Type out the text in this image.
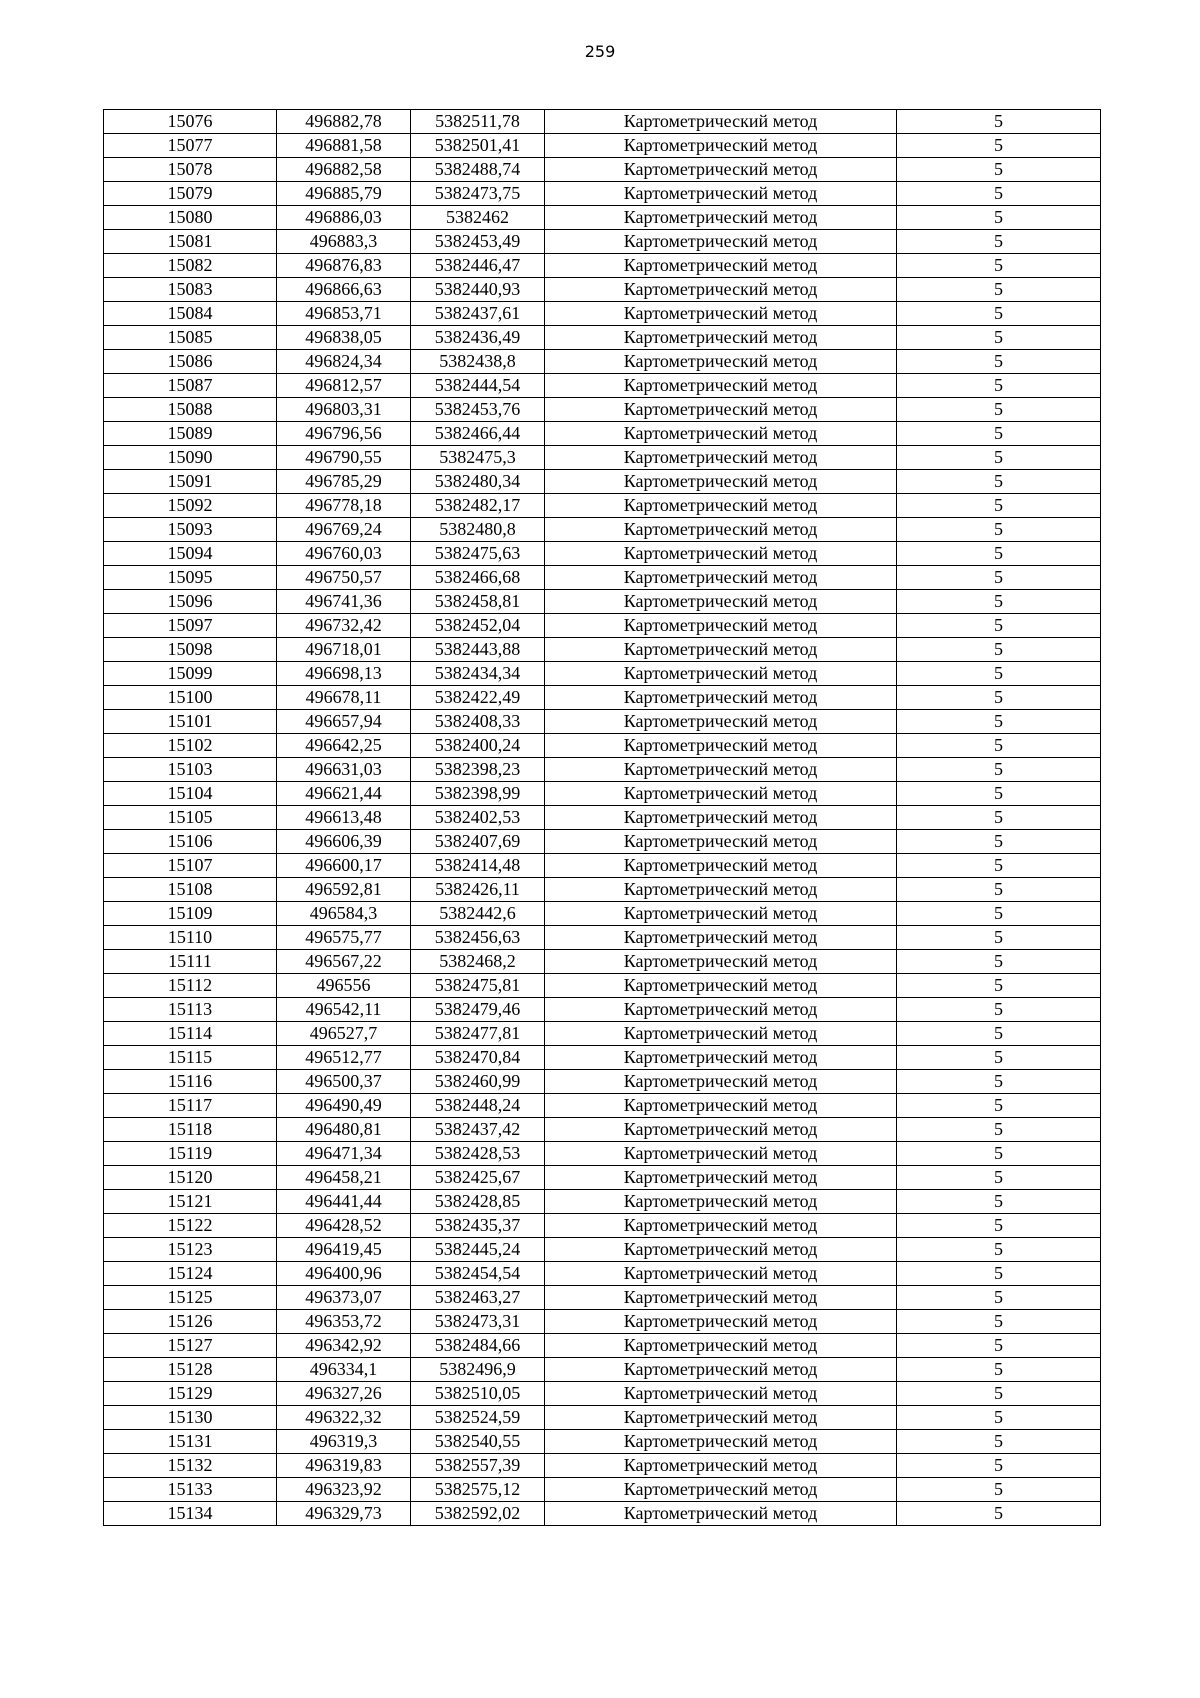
259
15076	496882,78	5382511,78	Картометрический метод	5
15077	496881,58	5382501,41	Картометрический метод	5
15078	496882,58	5382488,74	Картометрический метод	5
15079	496885,79	5382473,75	Картометрический метод	5
15080	496886,03	5382462	Картометрический метод	5
15081	496883,3	5382453,49	Картометрический метод	5
15082	496876,83	5382446,47	Картометрический метод	5
15083	496866,63	5382440,93	Картометрический метод	5
15084	496853,71	5382437,61	Картометрический метод	5
15085	496838,05	5382436,49	Картометрический метод	5
15086	496824,34	5382438,8	Картометрический метод	5
15087	496812,57	5382444,54	Картометрический метод	5
15088	496803,31	5382453,76	Картометрический метод	5
15089	496796,56	5382466,44	Картометрический метод	5
15090	496790,55	5382475,3	Картометрический метод	5
15091	496785,29	5382480,34	Картометрический метод	5
15092	496778,18	5382482,17	Картометрический метод	5
15093	496769,24	5382480,8	Картометрический метод	5
15094	496760,03	5382475,63	Картометрический метод	5
15095	496750,57	5382466,68	Картометрический метод	5
15096	496741,36	5382458,81	Картометрический метод	5
15097	496732,42	5382452,04	Картометрический метод	5
15098	496718,01	5382443,88	Картометрический метод	5
15099	496698,13	5382434,34	Картометрический метод	5
15100	496678,11	5382422,49	Картометрический метод	5
15101	496657,94	5382408,33	Картометрический метод	5
15102	496642,25	5382400,24	Картометрический метод	5
15103	496631,03	5382398,23	Картометрический метод	5
15104	496621,44	5382398,99	Картометрический метод	5
15105	496613,48	5382402,53	Картометрический метод	5
15106	496606,39	5382407,69	Картометрический метод	5
15107	496600,17	5382414,48	Картометрический метод	5
15108	496592,81	5382426,11	Картометрический метод	5
15109	496584,3	5382442,6	Картометрический метод	5
15110	496575,77	5382456,63	Картометрический метод	5
15111	496567,22	5382468,2	Картометрический метод	5
15112	496556	5382475,81	Картометрический метод	5
15113	496542,11	5382479,46	Картометрический метод	5
15114	496527,7	5382477,81	Картометрический метод	5
15115	496512,77	5382470,84	Картометрический метод	5
15116	496500,37	5382460,99	Картометрический метод	5
15117	496490,49	5382448,24	Картометрический метод	5
15118	496480,81	5382437,42	Картометрический метод	5
15119	496471,34	5382428,53	Картометрический метод	5
15120	496458,21	5382425,67	Картометрический метод	5
15121	496441,44	5382428,85	Картометрический метод	5
15122	496428,52	5382435,37	Картометрический метод	5
15123	496419,45	5382445,24	Картометрический метод	5
15124	496400,96	5382454,54	Картометрический метод	5
15125	496373,07	5382463,27	Картометрический метод	5
15126	496353,72	5382473,31	Картометрический метод	5
15127	496342,92	5382484,66	Картометрический метод	5
15128	496334,1	5382496,9	Картометрический метод	5
15129	496327,26	5382510,05	Картометрический метод	5
15130	496322,32	5382524,59	Картометрический метод	5
15131	496319,3	5382540,55	Картометрический метод	5
15132	496319,83	5382557,39	Картометрический метод	5
15133	496323,92	5382575,12	Картометрический метод	5
15134	496329,73	5382592,02	Картометрический метод	5
